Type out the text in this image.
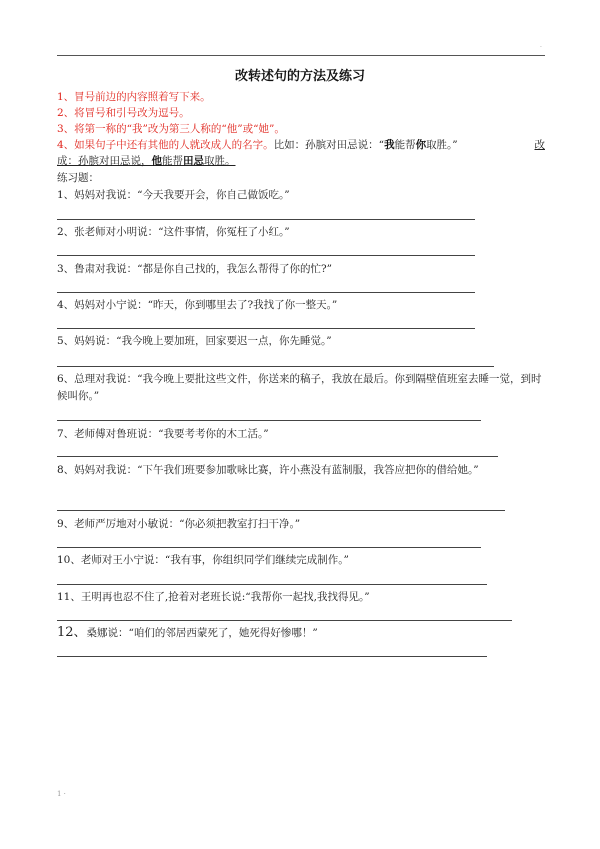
·
改转述句的方法及练习
1、冒号前边的内容照着写下来。
2、将冒号和引号改为逗号。
3、将第一称的“我”改为第三人称的“他”或“她”。
4、如果句子中还有其他的人就改成人的名字。比如：孙膑对田忌说：“我能帮你取胜。”	改
成：孙膑对田忌说，他能帮田忌取胜。
练习题：
1、妈妈对我说：“今天我要开会，你自己做饭吃。”
2、张老师对小明说：“这件事情，你冤枉了小红。”
3、鲁肃对我说：“都是你自己找的，我怎么帮得了你的忙?”
4、妈妈对小宁说：“昨天，你到哪里去了?我找了你一整天。”
5、妈妈说：“我今晚上要加班，回家要迟一点，你先睡觉。”
6、总理对我说：“我今晚上要批这些文件，你送来的稿子，我放在最后。你到隔壁值班室去睡一觉，到时候叫你。”
7、老师傅对鲁班说：“我要考考你的木工活。”
8、妈妈对我说：“下午我们班要参加歌咏比赛，许小燕没有蓝制服，我答应把你的借给她。”
9、老师严厉地对小敏说：“你必须把教室打扫干净。”
10、老师对王小宁说：“我有事，你组织同学们继续完成制作。”
11、王明再也忍不住了,抢着对老班长说:“我帮你一起找,我找得见。”
12、桑娜说：“咱们的邻居西蒙死了，她死得好惨哪！”
1 ·
